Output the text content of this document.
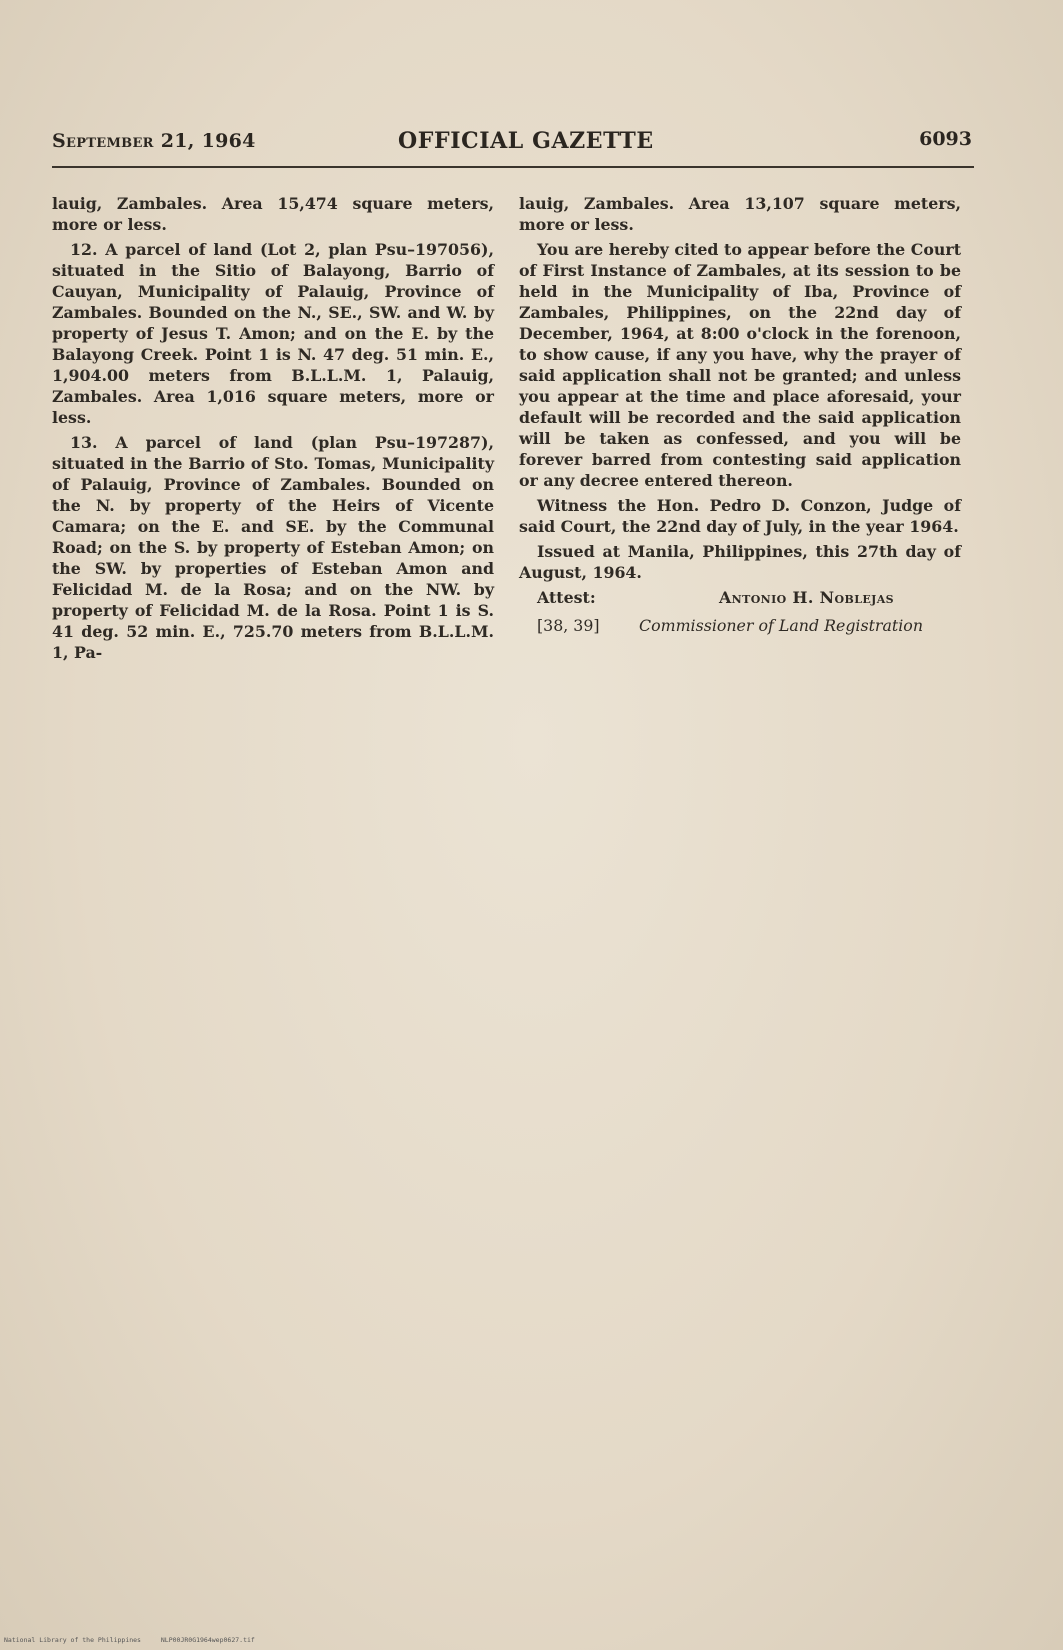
September 21, 1964	OFFICIAL GAZETTE	6093

lauig, Zambales. Area 15,474 square meters, more or less.

12. A parcel of land (Lot 2, plan Psu–197056), situated in the Sitio of Balayong, Barrio of Cauyan, Municipality of Palauig, Province of Zambales. Bounded on the N., SE., SW. and W. by property of Jesus T. Amon; and on the E. by the Balayong Creek. Point 1 is N. 47 deg. 51 min. E., 1,904.00 meters from B.L.L.M. 1, Palauig, Zambales. Area 1,016 square meters, more or less.

13. A parcel of land (plan Psu–197287), situated in the Barrio of Sto. Tomas, Municipality of Palauig, Province of Zambales. Bounded on the N. by property of the Heirs of Vicente Camara; on the E. and SE. by the Communal Road; on the S. by property of Esteban Amon; on the SW. by properties of Esteban Amon and Felicidad M. de la Rosa; and on the NW. by property of Felicidad M. de la Rosa. Point 1 is S. 41 deg. 52 min. E., 725.70 meters from B.L.L.M. 1, Pa-

lauig, Zambales. Area 13,107 square meters, more or less.

You are hereby cited to appear before the Court of First Instance of Zambales, at its session to be held in the Municipality of Iba, Province of Zambales, Philippines, on the 22nd day of December, 1964, at 8:00 o'clock in the forenoon, to show cause, if any you have, why the prayer of said application shall not be granted; and unless you appear at the time and place aforesaid, your default will be recorded and the said application will be taken as confessed, and you will be forever barred from contesting said application or any decree entered thereon.

Witness the Hon. Pedro D. Conzon, Judge of said Court, the 22nd day of July, in the year 1964.

Issued at Manila, Philippines, this 27th day of August, 1964.

Attest:	Antonio H. Noblejas
[38, 39] Commissioner of Land Registration
National Library of the Philippines	NLP00JR0G1964wep0627.tif
